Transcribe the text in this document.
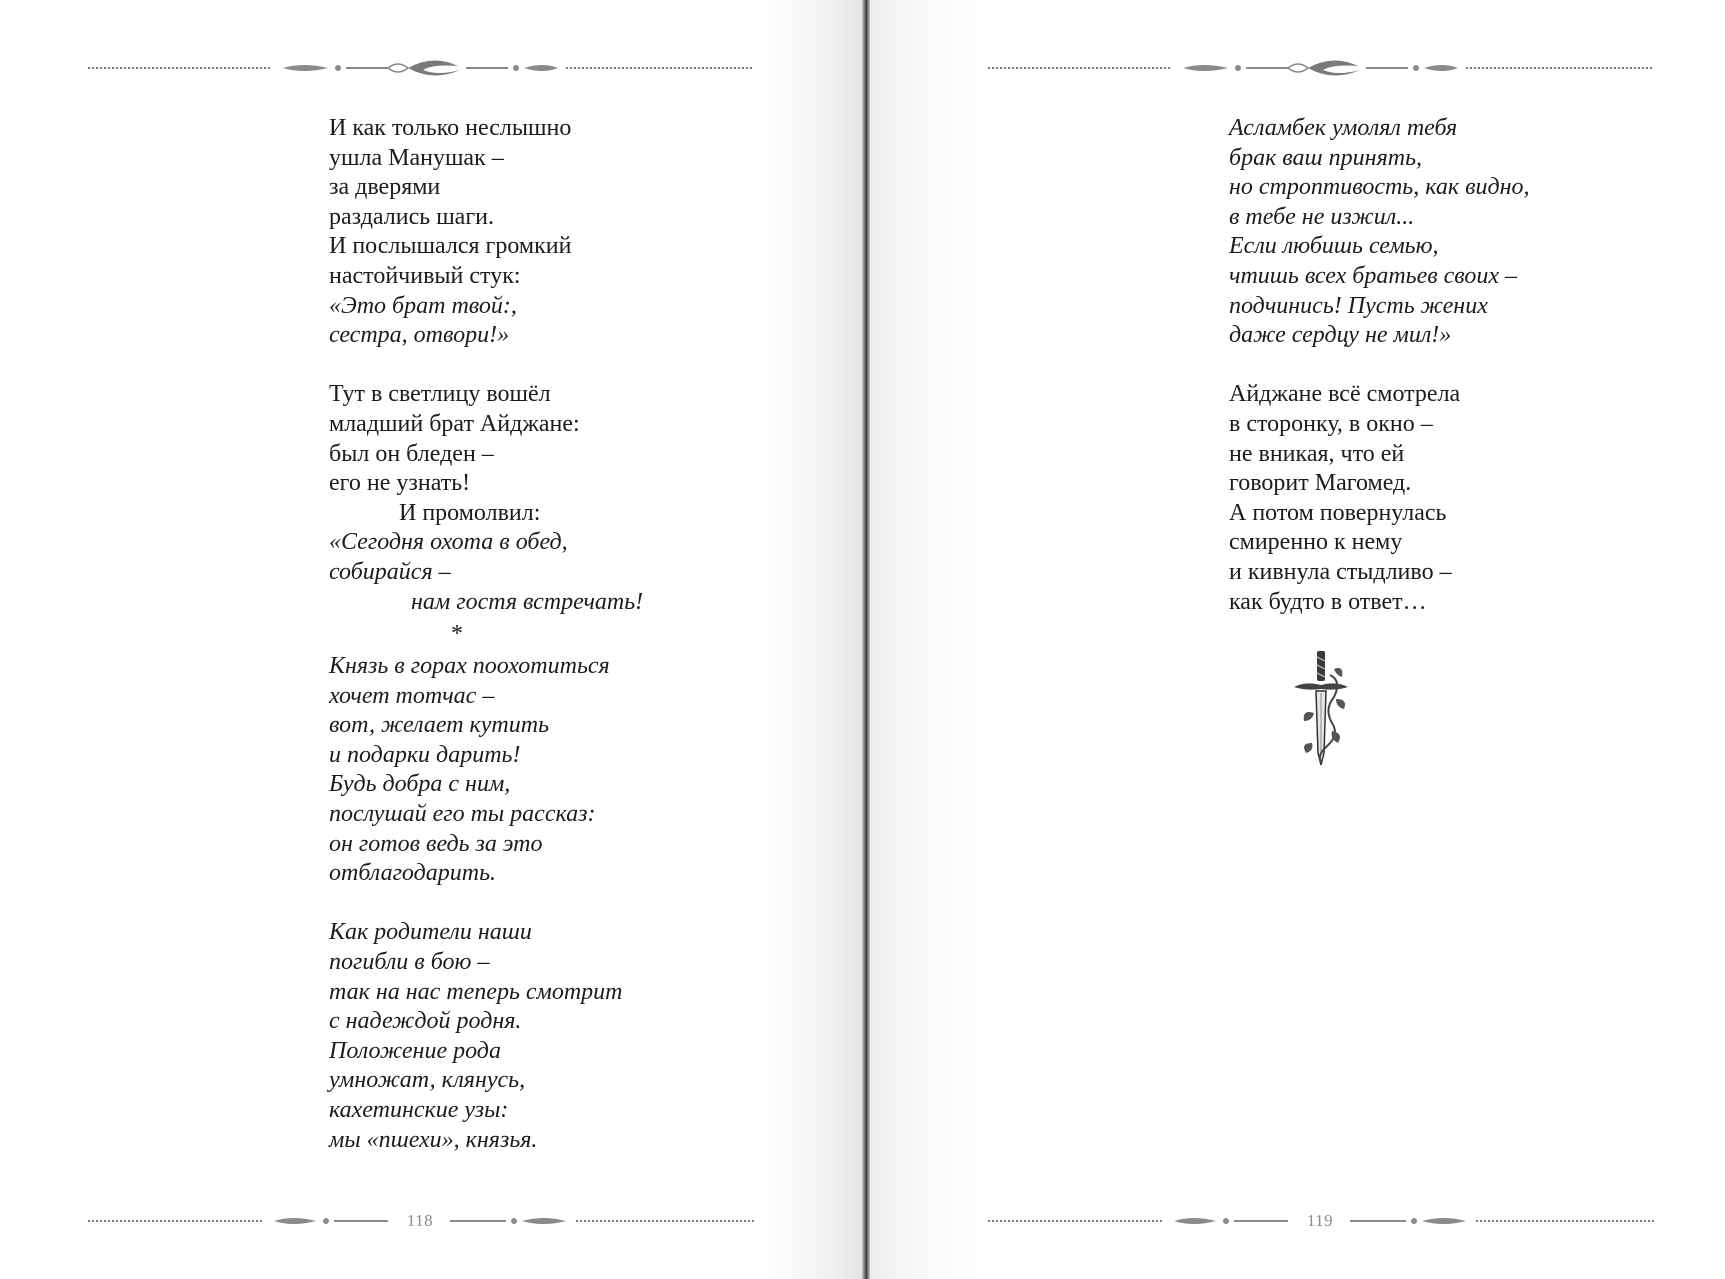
И как только неслышно
ушла Манушак –
за дверями
раздались шаги.
И послышался громкий
настойчивый стук:
«Это брат твой:,
сестра, отвори!»
Тут в светлицу вошёл
младший брат Айджане:
был он бледен –
его не узнать!
И промолвил:
«Сегодня охота в обед,
собирайся –
нам гостя встречать!
*
Князь в горах поохотиться
хочет тотчас –
вот, желает кутить
и подарки дарить!
Будь добра с ним,
послушай его ты рассказ:
он готов ведь за это
отблагодарить.
Как родители наши
погибли в бою –
так на нас теперь смотрит
с надеждой родня.
Положение рода
умножат, клянусь,
кахетинские узы:
мы «пшехи», князья.
118
Асламбек умолял тебя
брак ваш принять,
но строптивость, как видно,
в тебе не изжил...
Если любишь семью,
чтишь всех братьев своих –
подчинись! Пусть жених
даже сердцу не мил!»
Айджане всё смотрела
в сторонку, в окно –
не вникая, что ей
говорит Магомед.
А потом повернулась
смиренно к нему
и кивнула стыдливо –
как будто в ответ…
119
